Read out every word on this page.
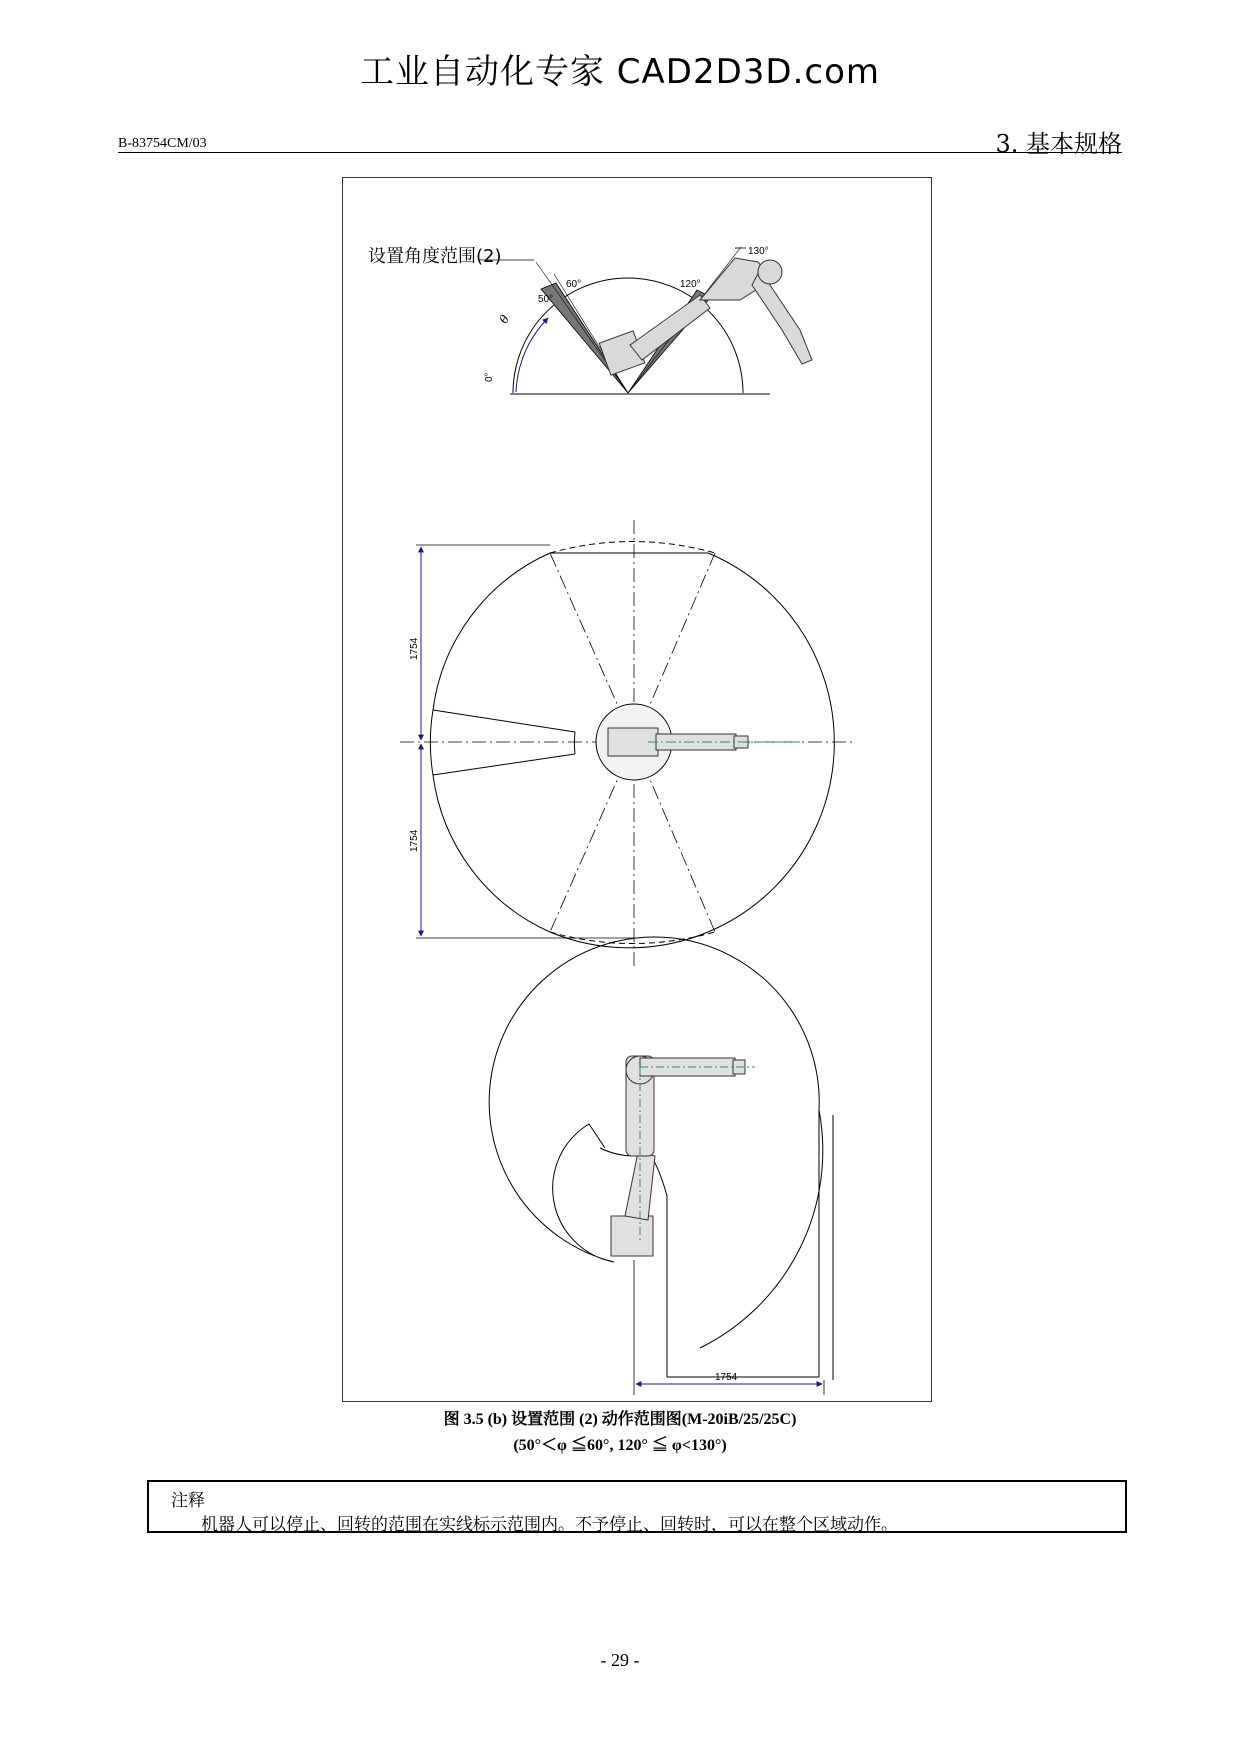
工业自动化专家 CAD2D3D.com
B-83754CM/03	3. 基本规格
设置角度范围(2)
50°
60°	120°
130°
0°
θ
1754
1754
1754
图 3.5 (b) 设置范围 (2) 动作范围图(M-20iB/25/25C)
(50°＜φ ≦60°, 120° ≦ φ<130°)
注释
机器人可以停止、回转的范围在实线标示范围内。不予停止、回转时，可以在整个区域动作。
- 29 -
